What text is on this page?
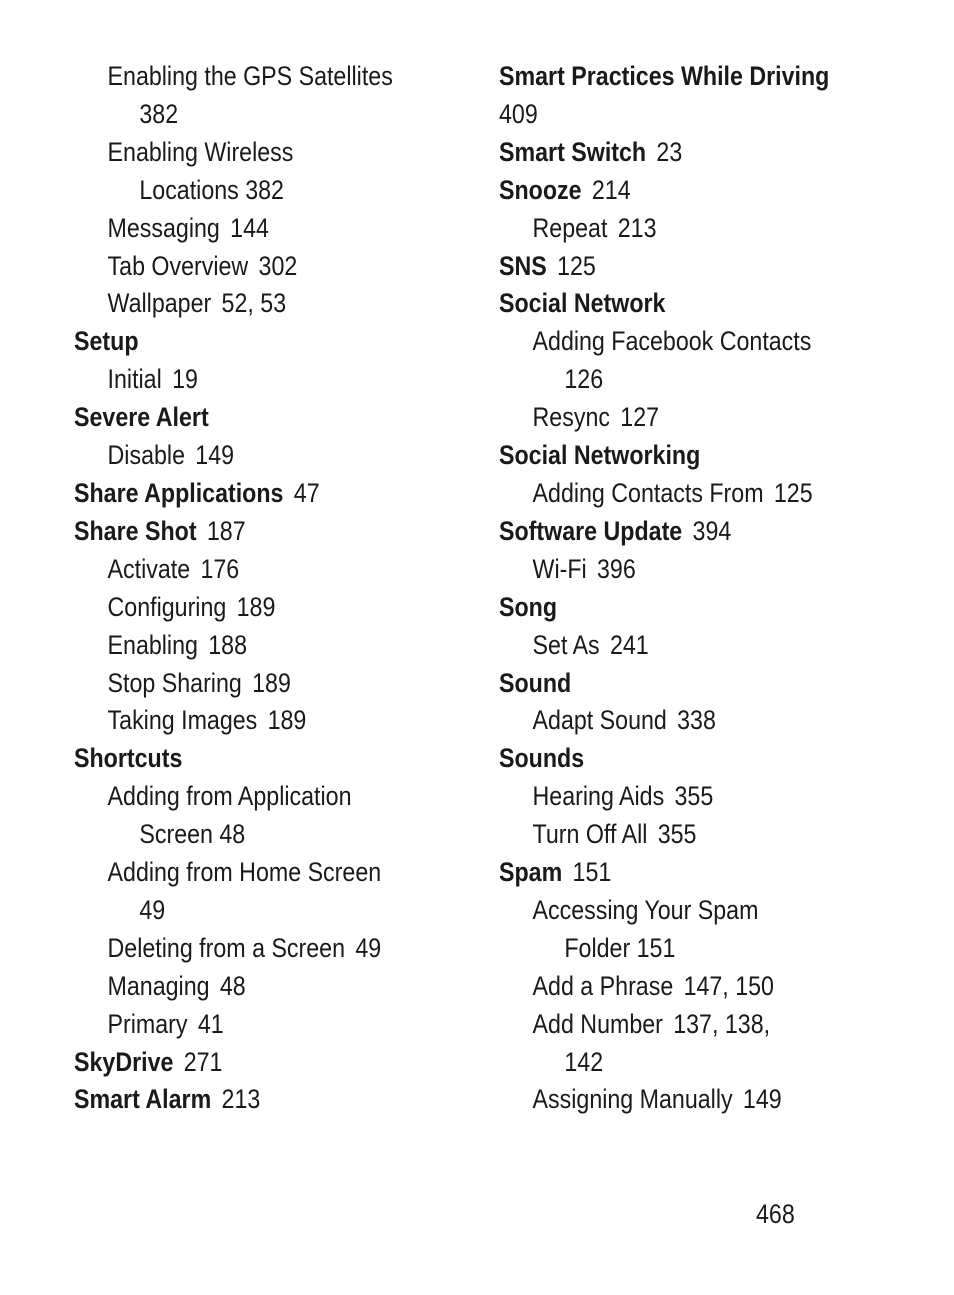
Enabling the GPS Satellites
382
Enabling Wireless
Locations 382
Messaging 144
Tab Overview 302
Wallpaper 52, 53
Setup
Initial 19
Severe Alert
Disable 149
Share Applications 47
Share Shot 187
Activate 176
Configuring 189
Enabling 188
Stop Sharing 189
Taking Images 189
Shortcuts
Adding from Application
Screen 48
Adding from Home Screen
49
Deleting from a Screen 49
Managing 48
Primary 41
SkyDrive 271
Smart Alarm 213
Smart Practices While Driving
409
Smart Switch 23
Snooze 214
Repeat 213
SNS 125
Social Network
Adding Facebook Contacts
126
Resync 127
Social Networking
Adding Contacts From 125
Software Update 394
Wi-Fi 396
Song
Set As 241
Sound
Adapt Sound 338
Sounds
Hearing Aids 355
Turn Off All 355
Spam 151
Accessing Your Spam
Folder 151
Add a Phrase 147, 150
Add Number 137, 138,
142
Assigning Manually 149
468
